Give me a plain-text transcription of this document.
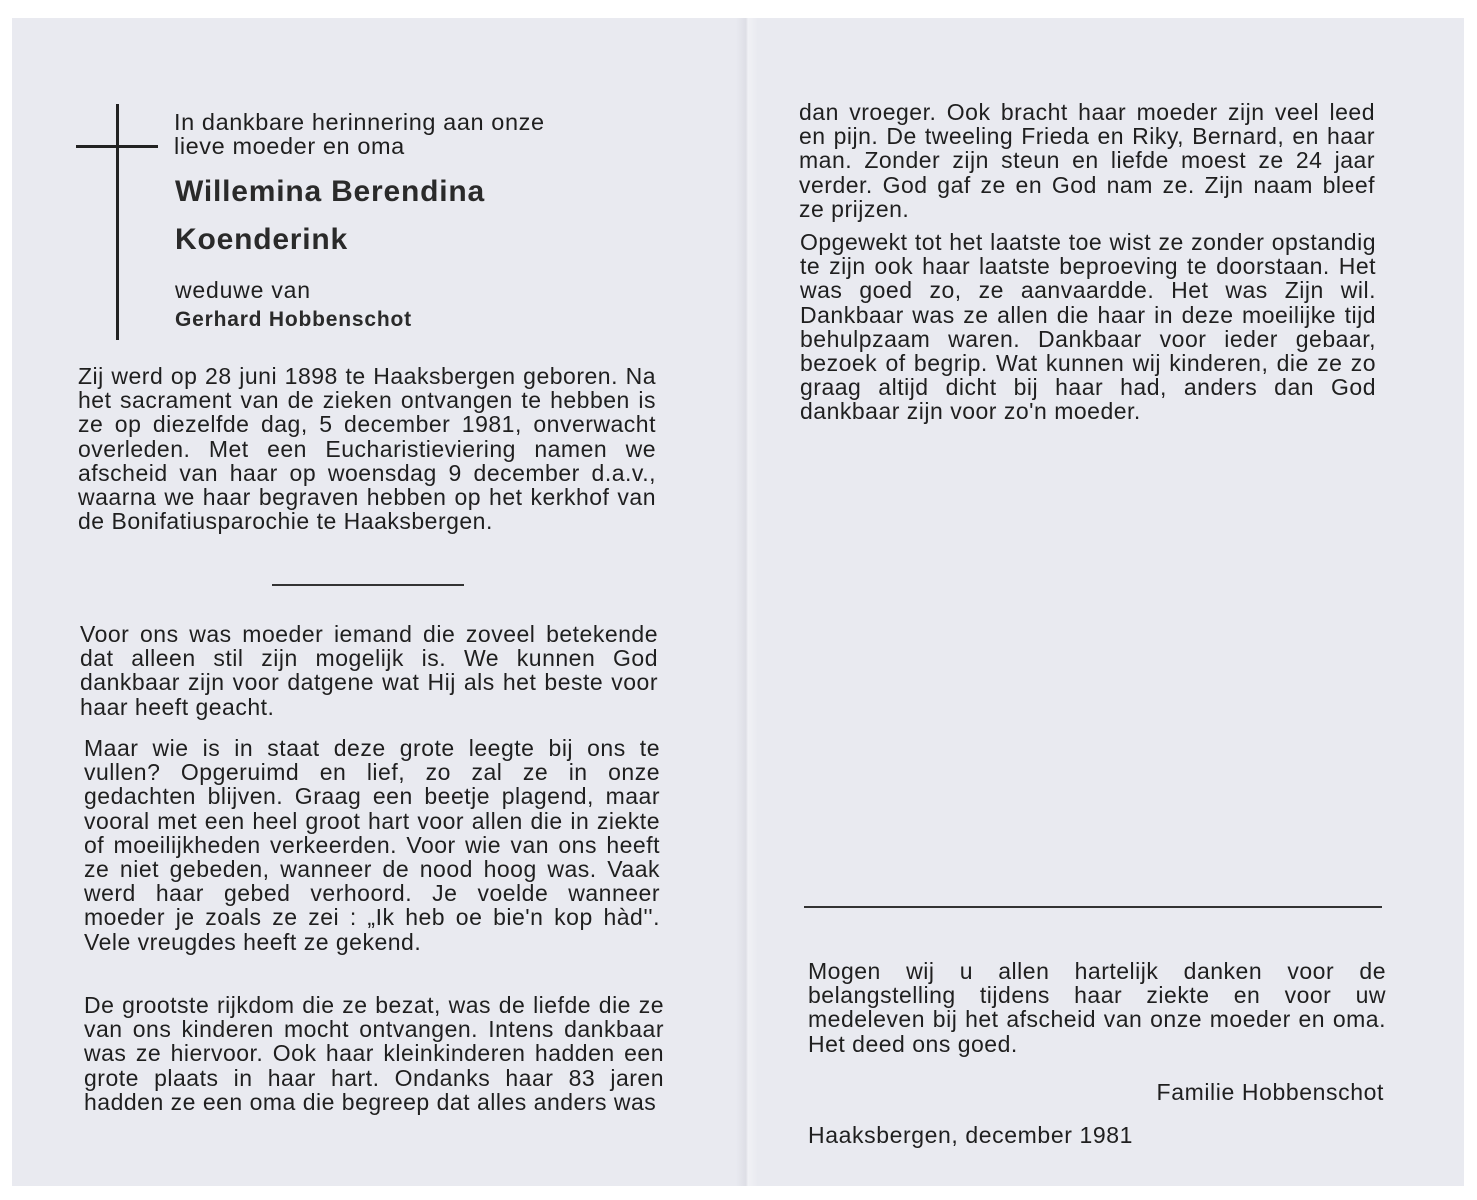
In dankbare herinnering aan onze
lieve moeder en oma
Willemina Berendina
Koenderink
weduwe van
Gerhard Hobbenschot

Zij werd op 28 juni 1898 te Haaksbergen geboren. Na het sacrament van de zieken ontvangen te hebben is ze op diezelfde dag, 5 december 1981, onverwacht overleden. Met een Eucharistieviering namen we afscheid van haar op woensdag 9 december d.a.v., waarna we haar begraven hebben op het kerkhof van de Bonifatiusparochie te Haaksbergen.

Voor ons was moeder iemand die zoveel betekende dat alleen stil zijn mogelijk is. We kunnen God dankbaar zijn voor datgene wat Hij als het beste voor haar heeft geacht.

Maar wie is in staat deze grote leegte bij ons te vullen? Opgeruimd en lief, zo zal ze in onze gedachten blijven. Graag een beetje plagend, maar vooral met een heel groot hart voor allen die in ziekte of moeilijkheden verkeerden. Voor wie van ons heeft ze niet gebeden, wanneer de nood hoog was. Vaak werd haar gebed verhoord. Je voelde wanneer moeder je zoals ze zei : „Ik heb oe bie'n kop hàd''. Vele vreugdes heeft ze gekend.

De grootste rijkdom die ze bezat, was de liefde die ze van ons kinderen mocht ontvangen. Intens dankbaar was ze hiervoor. Ook haar kleinkinderen hadden een grote plaats in haar hart. Ondanks haar 83 jaren hadden ze een oma die begreep dat alles anders was

dan vroeger. Ook bracht haar moeder zijn veel leed en pijn. De tweeling Frieda en Riky, Bernard, en haar man. Zonder zijn steun en liefde moest ze 24 jaar verder. God gaf ze en God nam ze. Zijn naam bleef ze prijzen.

Opgewekt tot het laatste toe wist ze zonder opstandig te zijn ook haar laatste beproeving te doorstaan. Het was goed zo, ze aanvaardde. Het was Zijn wil. Dankbaar was ze allen die haar in deze moeilijke tijd behulpzaam waren. Dankbaar voor ieder gebaar, bezoek of begrip. Wat kunnen wij kinderen, die ze zo graag altijd dicht bij haar had, anders dan God dankbaar zijn voor zo'n moeder.

Mogen wij u allen hartelijk danken voor de belangstelling tijdens haar ziekte en voor uw medeleven bij het afscheid van onze moeder en oma. Het deed ons goed.

Familie Hobbenschot
Haaksbergen, december 1981
